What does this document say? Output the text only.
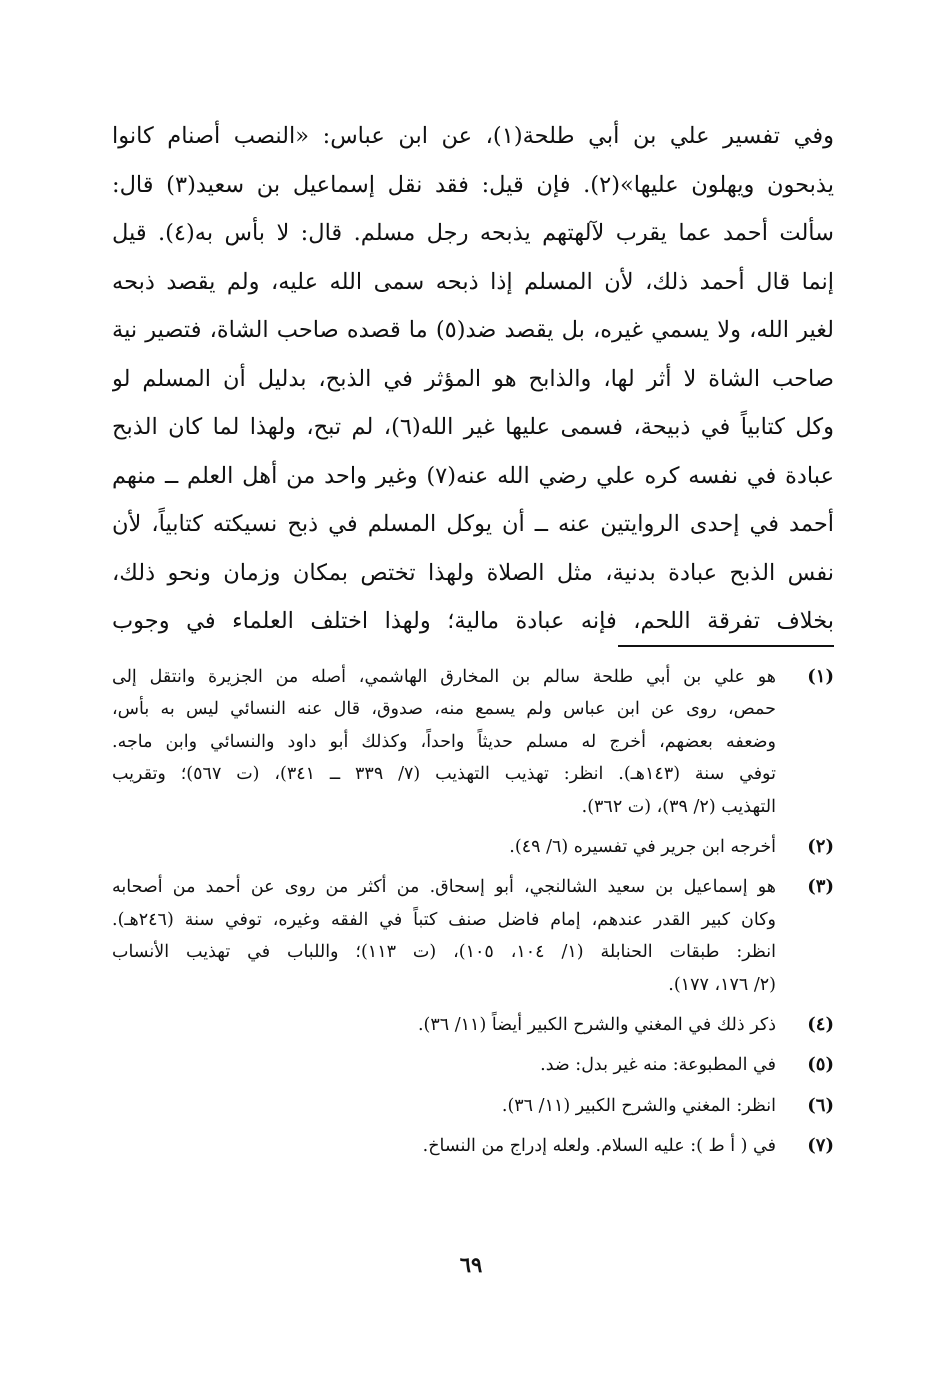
وفي تفسير علي بن أبي طلحة(١)، عن ابن عباس: «النصب أصنام كانوا
يذبحون ويهلون عليها»(٢). فإن قيل: فقد نقل إسماعيل بن سعيد(٣) قال:
سألت أحمد عما يقرب لآلهتهم يذبحه رجل مسلم. قال: لا بأس به(٤). قيل
إنما قال أحمد ذلك، لأن المسلم إذا ذبحه سمى الله عليه، ولم يقصد ذبحه
لغير الله، ولا يسمي غيره، بل يقصد ضد(٥) ما قصده صاحب الشاة، فتصير نية
صاحب الشاة لا أثر لها، والذابح هو المؤثر في الذبح، بدليل أن المسلم لو
وكل كتابياً في ذبيحة، فسمى عليها غير الله(٦)، لم تبح، ولهذا لما كان الذبح
عبادة في نفسه كره علي رضي الله عنه(٧) وغير واحد من أهل العلم ــ منهم
أحمد في إحدى الروايتين عنه ــ أن يوكل المسلم في ذبح نسيكته كتابياً، لأن
نفس الذبح عبادة بدنية، مثل الصلاة ولهذا تختص بمكان وزمان ونحو ذلك،
بخلاف تفرقة اللحم، فإنه عبادة مالية؛ ولهذا اختلف العلماء في وجوب
(١)
هو علي بن أبي طلحة سالم بن المخارق الهاشمي، أصله من الجزيرة وانتقل إلى
حمص، روى عن ابن عباس ولم يسمع منه، صدوق، قال عنه النسائي ليس به بأس،
وضعفه بعضهم، أخرج له مسلم حديثاً واحداً، وكذلك أبو داود والنسائي وابن ماجه.
توفي سنة (١٤٣هـ). انظر: تهذيب التهذيب (٧/ ٣٣٩ ــ ٣٤١)، (ت ٥٦٧)؛ وتقريب
التهذيب (٢/ ٣٩)، (ت ٣٦٢).
(٢)
أخرجه ابن جرير في تفسيره (٦/ ٤٩).
(٣)
هو إسماعيل بن سعيد الشالنجي، أبو إسحاق. من أكثر من روى عن أحمد من أصحابه
وكان كبير القدر عندهم، إمام فاضل صنف كتباً في الفقه وغيره، توفي سنة (٢٤٦هـ).
انظر: طبقات الحنابلة (١/ ١٠٤، ١٠٥)، (ت ١١٣)؛ واللباب في تهذيب الأنساب
(٢/ ١٧٦، ١٧٧).
(٤)
ذكر ذلك في المغني والشرح الكبير أيضاً (١١/ ٣٦).
(٥)
في المطبوعة: منه غير بدل: ضد.
(٦)
انظر: المغني والشرح الكبير (١١/ ٣٦).
(٧)
في ( أ ط ): عليه السلام. ولعله إدراج من النساخ.
٦٩
